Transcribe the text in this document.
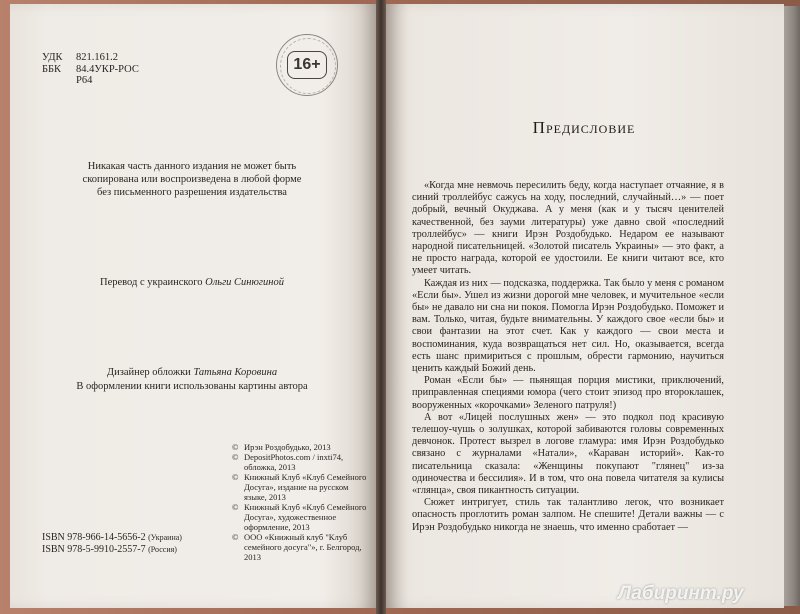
УДК	821.161.2
ББК	84.4УКР-РОС
Р64
16+
Никакая часть данного издания не может быть
скопирована или воспроизведена в любой форме
без письменного разрешения издательства
Перевод с украинского Ольги Синюгиной
Дизайнер обложки Татьяна Коровина
В оформлении книги использованы картины автора
© Ирэн Роздобудько, 2013
© DepositPhotos.com / inxti74, обложка, 2013
© Книжный Клуб «Клуб Семейного Досуга», издание на русском языке, 2013
© Книжный Клуб «Клуб Семейного Досуга», художественное оформление, 2013
© ООО «Книжный клуб "Клуб семейного досуга"», г. Белгород, 2013
ISBN 978-966-14-5656-2 (Украина)
ISBN 978-5-9910-2557-7 (Россия)
Предисловие

«Когда мне невмочь пересилить беду, когда наступает отчаяние, я в синий троллейбус сажусь на ходу, последний, случайный…» — поет добрый, вечный Окуджава. А у меня (как и у тысяч ценителей качественной, без зауми литературы) уже давно свой «последний троллейбус» — книги Ирэн Роздобудько. Недаром ее называют народной писательницей. «Золотой писатель Украины» — это факт, а не просто награда, которой ее удостоили. Ее книги читают все, кто умеет читать.

Каждая из них — подсказка, поддержка. Так было у меня с романом «Если бы». Ушел из жизни дорогой мне человек, и мучительное «если бы» не давало ни сна ни покоя. Помогла Ирэн Роздобудько. Поможет и вам. Только, читая, будьте внимательны. У каждого свое «если бы» и свои фантазии на этот счет. Как у каждого — свои места и воспоминания, куда возвращаться нет сил. Но, оказывается, всегда есть шанс примириться с прошлым, обрести гармонию, научиться ценить каждый Божий день.

Роман «Если бы» — пьянящая порция мистики, приключений, приправленная специями юмора (чего стоит эпизод про второклашек, вооруженных «корочками» Зеленого патруля!)

А вот «Лицей послушных жен» — это подкол под красивую телешоу-чушь о золушках, которой забиваются головы современных девчонок. Протест вызрел в логове гламура: имя Ирэн Роздобудько связано с журналами «Натали», «Караван историй». Как-то писательница сказала: «Женщины покупают "глянец" из-за одиночества и бессилия». И в том, что она повела читателя за кулисы «глянца», своя пикантность ситуации.

Сюжет интригует, стиль так талантливо легок, что возникает опасность проглотить роман залпом. Не спешите! Детали важны — с Ирэн Роздобудько никогда не знаешь, что именно сработает —

Лабиринт.ру
